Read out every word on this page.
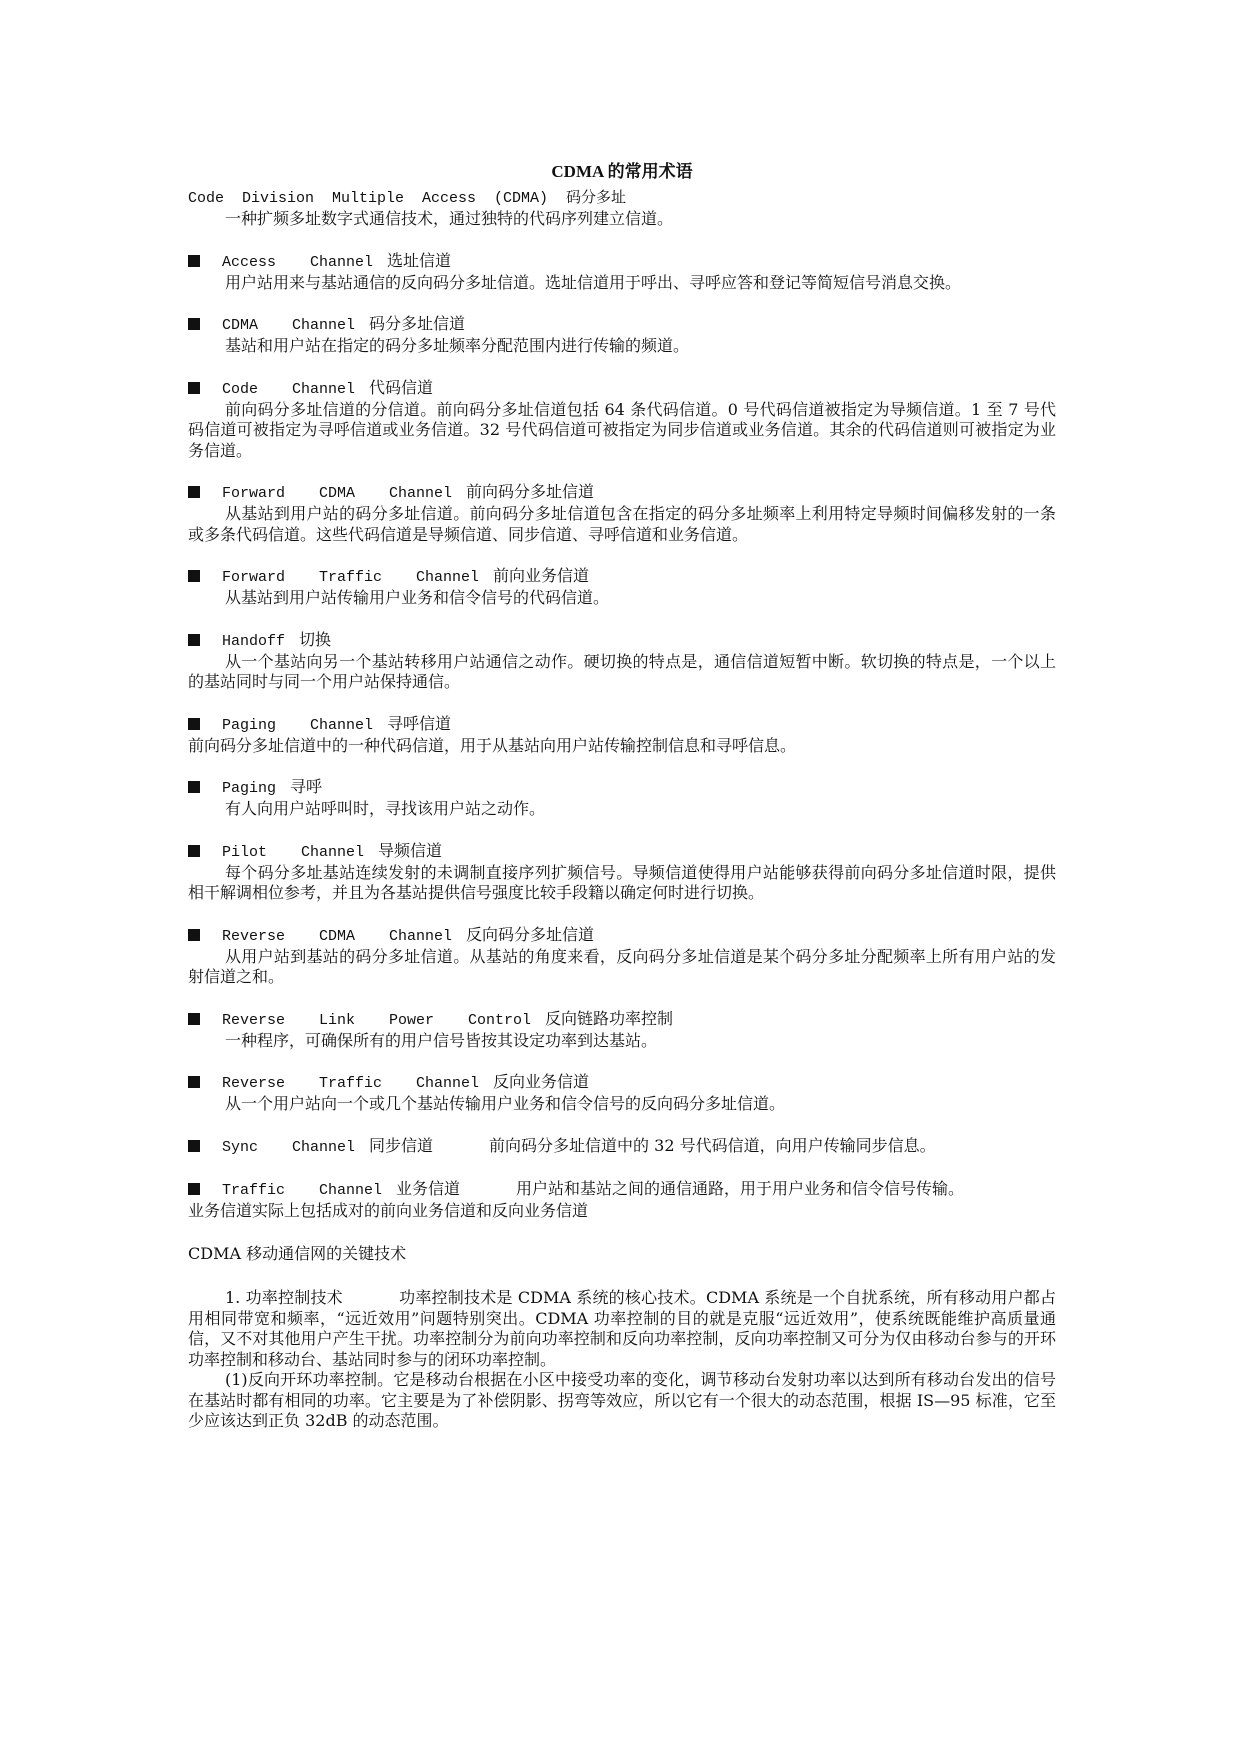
CDMA 的常用术语
Code  Division  Multiple  Access  (CDMA)  码分多址
一种扩频多址数字式通信技术，通过独特的代码序列建立信道。
Access  Channel 选址信道
用户站用来与基站通信的反向码分多址信道。选址信道用于呼出、寻呼应答和登记等简短信号消息交换。
CDMA  Channel 码分多址信道
基站和用户站在指定的码分多址频率分配范围内进行传输的频道。
Code  Channel 代码信道
前向码分多址信道的分信道。前向码分多址信道包括 64 条代码信道。0 号代码信道被指定为导频信道。1 至 7 号代码信道可被指定为寻呼信道或业务信道。32 号代码信道可被指定为同步信道或业务信道。其余的代码信道则可被指定为业务信道。
Forward  CDMA  Channel 前向码分多址信道
从基站到用户站的码分多址信道。前向码分多址信道包含在指定的码分多址频率上利用特定导频时间偏移发射的一条或多条代码信道。这些代码信道是导频信道、同步信道、寻呼信道和业务信道。
Forward  Traffic  Channel 前向业务信道
从基站到用户站传输用户业务和信令信号的代码信道。
Handoff 切换
从一个基站向另一个基站转移用户站通信之动作。硬切换的特点是，通信信道短暂中断。软切换的特点是，一个以上的基站同时与同一个用户站保持通信。
Paging  Channel 寻呼信道
前向码分多址信道中的一种代码信道，用于从基站向用户站传输控制信息和寻呼信息。
Paging 寻呼
有人向用户站呼叫时，寻找该用户站之动作。
Pilot  Channel 导频信道
每个码分多址基站连续发射的未调制直接序列扩频信号。导频信道使得用户站能够获得前向码分多址信道时限，提供相干解调相位参考，并且为各基站提供信号强度比较手段籍以确定何时进行切换。
Reverse  CDMA  Channel 反向码分多址信道
从用户站到基站的码分多址信道。从基站的角度来看，反向码分多址信道是某个码分多址分配频率上所有用户站的发射信道之和。
Reverse  Link  Power  Control 反向链路功率控制
一种程序，可确保所有的用户信号皆按其设定功率到达基站。
Reverse  Traffic  Channel 反向业务信道
从一个用户站向一个或几个基站传输用户业务和信令信号的反向码分多址信道。
Sync  Channel 同步信道	前向码分多址信道中的 32 号代码信道，向用户传输同步信息。
Traffic  Channel 业务信道	用户站和基站之间的通信通路，用于用户业务和信令信号传输。
业务信道实际上包括成对的前向业务信道和反向业务信道
CDMA 移动通信网的关键技术
1. 功率控制技术	功率控制技术是 CDMA 系统的核心技术。CDMA 系统是一个自扰系统，所有移动用户都占用相同带宽和频率，“远近效用”问题特别突出。CDMA 功率控制的目的就是克服“远近效用”，使系统既能维护高质量通信，又不对其他用户产生干扰。功率控制分为前向功率控制和反向功率控制，反向功率控制又可分为仅由移动台参与的开环功率控制和移动台、基站同时参与的闭环功率控制。
(1)反向开环功率控制。它是移动台根据在小区中接受功率的变化，调节移动台发射功率以达到所有移动台发出的信号在基站时都有相同的功率。它主要是为了补偿阴影、拐弯等效应，所以它有一个很大的动态范围，根据 IS—95 标准，它至少应该达到正负 32dB 的动态范围。
